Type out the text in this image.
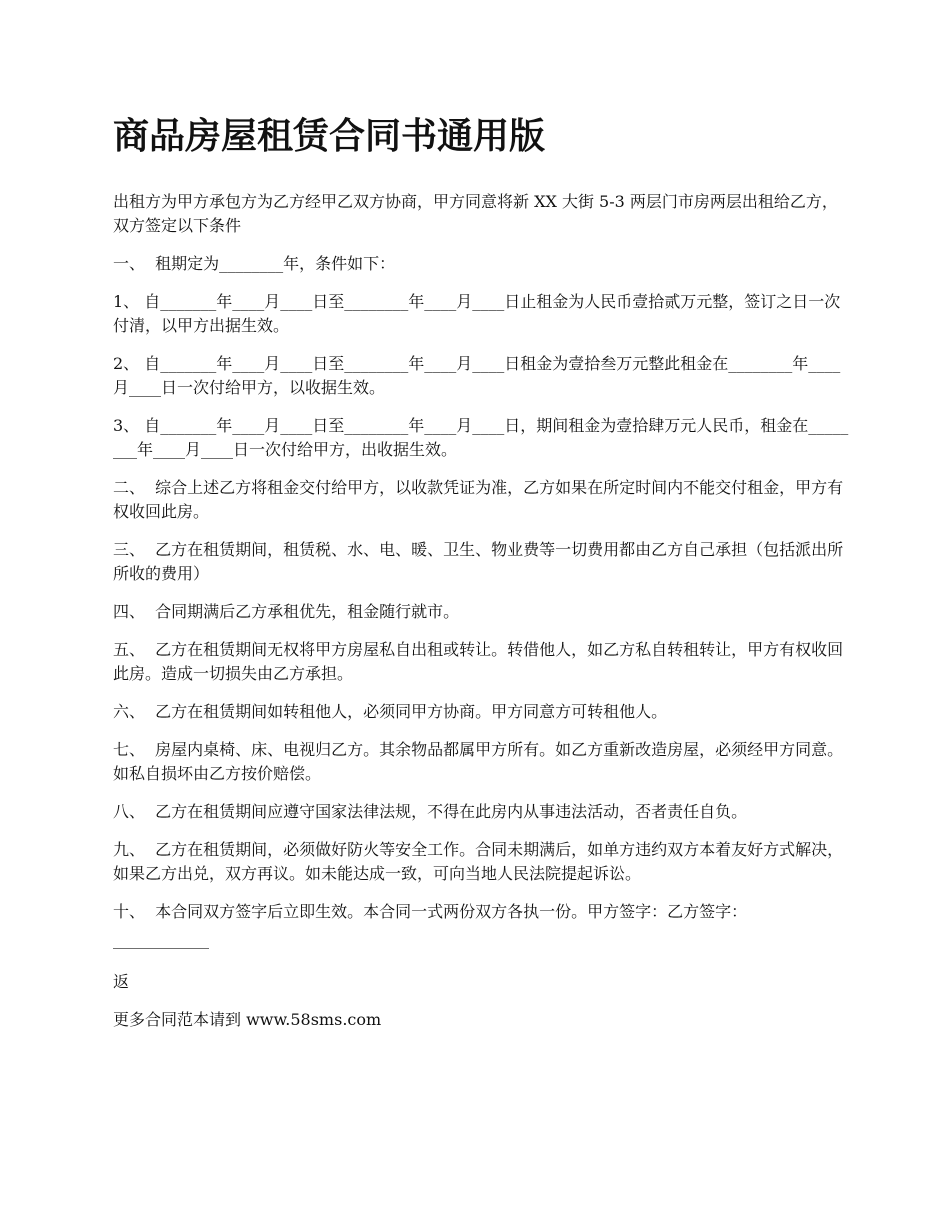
商品房屋租赁合同书通用版

出租方为甲方承包方为乙方经甲乙双方协商，甲方同意将新 XX 大街 5-3 两层门市房两层出租给乙方，双方签定以下条件

一、  租期定为________年，条件如下：

1、 自_______年____月____日至________年____月____日止租金为人民币壹拾贰万元整，签订之日一次付清，以甲方出据生效。

2、 自_______年____月____日至________年____月____日租金为壹拾叁万元整此租金在________年____月____日一次付给甲方，以收据生效。

3、 自_______年____月____日至________年____月____日，期间租金为壹拾肆万元人民币，租金在________年____月____日一次付给甲方，出收据生效。

二、  综合上述乙方将租金交付给甲方，以收款凭证为准，乙方如果在所定时间内不能交付租金，甲方有权收回此房。

三、  乙方在租赁期间，租赁税、水、电、暖、卫生、物业费等一切费用都由乙方自己承担（包括派出所所收的费用）

四、  合同期满后乙方承租优先，租金随行就市。

五、  乙方在租赁期间无权将甲方房屋私自出租或转让。转借他人，如乙方私自转租转让，甲方有权收回此房。造成一切损失由乙方承担。

六、  乙方在租赁期间如转租他人，必须同甲方协商。甲方同意方可转租他人。

七、  房屋内桌椅、床、电视归乙方。其余物品都属甲方所有。如乙方重新改造房屋，必须经甲方同意。如私自损坏由乙方按价赔偿。

八、  乙方在租赁期间应遵守国家法律法规，不得在此房内从事违法活动，否者责任自负。

九、  乙方在租赁期间，必须做好防火等安全工作。合同未期满后，如单方违约双方本着友好方式解决，如果乙方出兑，双方再议。如未能达成一致，可向当地人民法院提起诉讼。

十、  本合同双方签字后立即生效。本合同一式两份双方各执一份。甲方签字：乙方签字：

____________

返

更多合同范本请到 www.58sms.com
